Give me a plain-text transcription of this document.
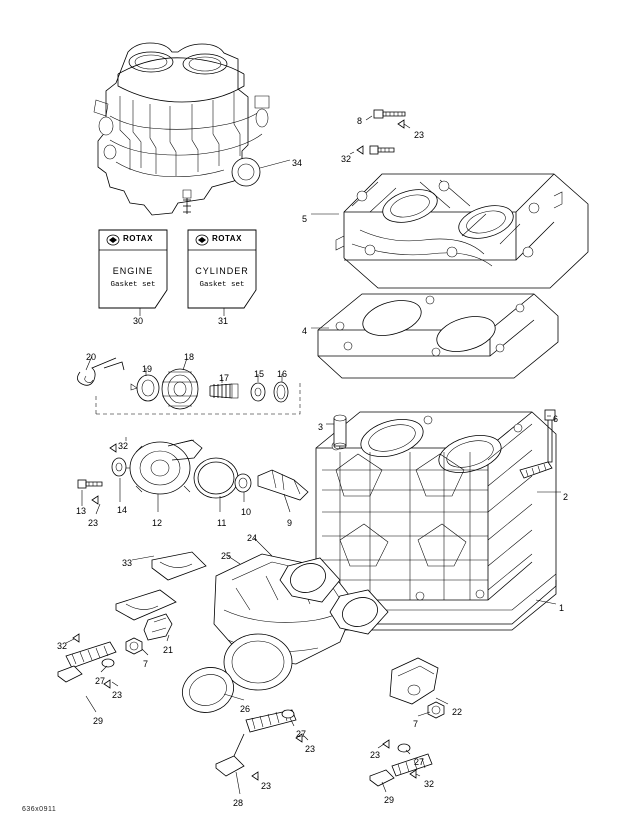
ROTAX
ENGINE
Gasket set
ROTAX
CYLINDER
Gasket set
34
8
23
32
5
4
6
3
2
1
30	31
20
19
18
17	15 16
32
13
23
14
12	11
10
9
33
25
24
21
7
32
27
23
29
26
27
23
23
28
22
7
23
27
32
29
636x0911
